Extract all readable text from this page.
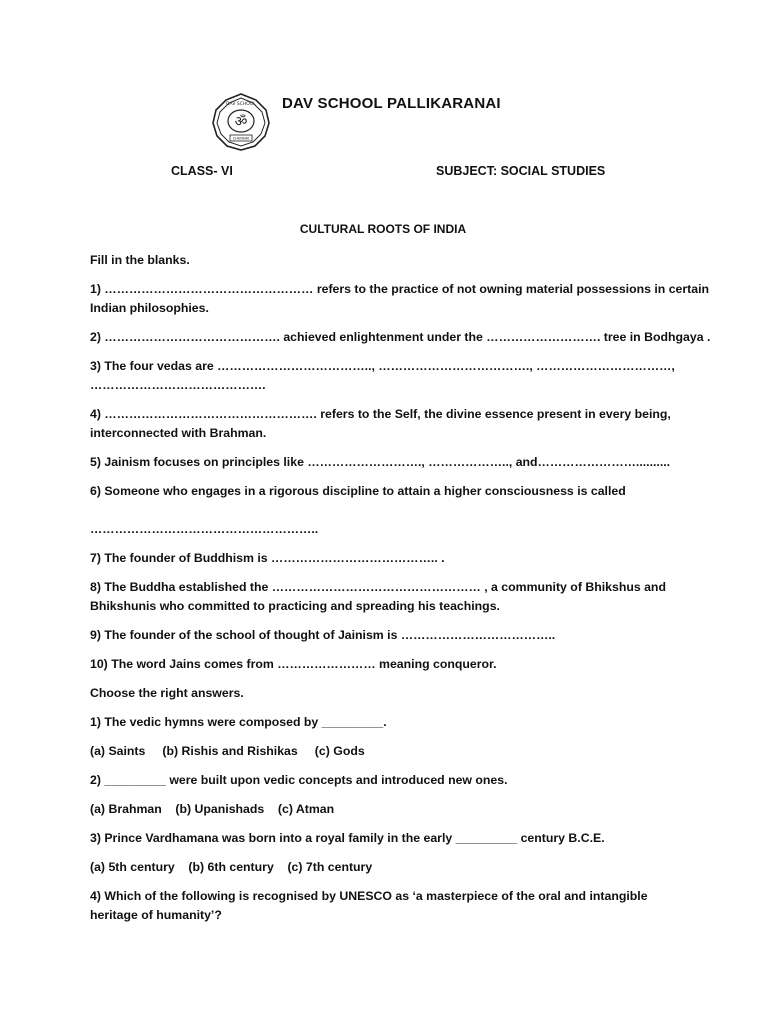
ॐ
DAV SCHOOL
CHENNAI
DAV SCHOOL PALLIKARANAI
CLASS- VI	SUBJECT: SOCIAL STUDIES
CULTURAL ROOTS OF INDIA
Fill in the blanks.
1) …………………………………………… refers to the practice of not owning material possessions in certain
Indian philosophies.
2) ……………………………………. achieved enlightenment under the ………………………. tree in Bodhgaya .
3) The four vedas are ……………………………….., ………………………………., ……………………………,
…………………………………….
4) ……………………………………………. refers to the Self, the divine essence present in every being,
interconnected with Brahman.
5) Jainism focuses on principles like ………………………., ……………….., and……………………..........
6) Someone who engages in a rigorous discipline to attain a higher consciousness is called
………………………………………………..
7) The founder of Buddhism is ………………………………….. .
8) The Buddha established the …………………………………………… , a community of Bhikshus and
Bhikshunis who committed to practicing and spreading his teachings.
9) The founder of the school of thought of Jainism is ………………………………..
10) The word Jains comes from …………………… meaning conqueror.
Choose the right answers.
1) The vedic hymns were composed by _________.
(a) Saints     (b) Rishis and Rishikas     (c) Gods
2) _________ were built upon vedic concepts and introduced new ones.
(a) Brahman    (b) Upanishads    (c) Atman
3) Prince Vardhamana was born into a royal family in the early _________ century B.C.E.
(a) 5th century    (b) 6th century    (c) 7th century
4) Which of the following is recognised by UNESCO as ‘a masterpiece of the oral and intangible
heritage of humanity’?
